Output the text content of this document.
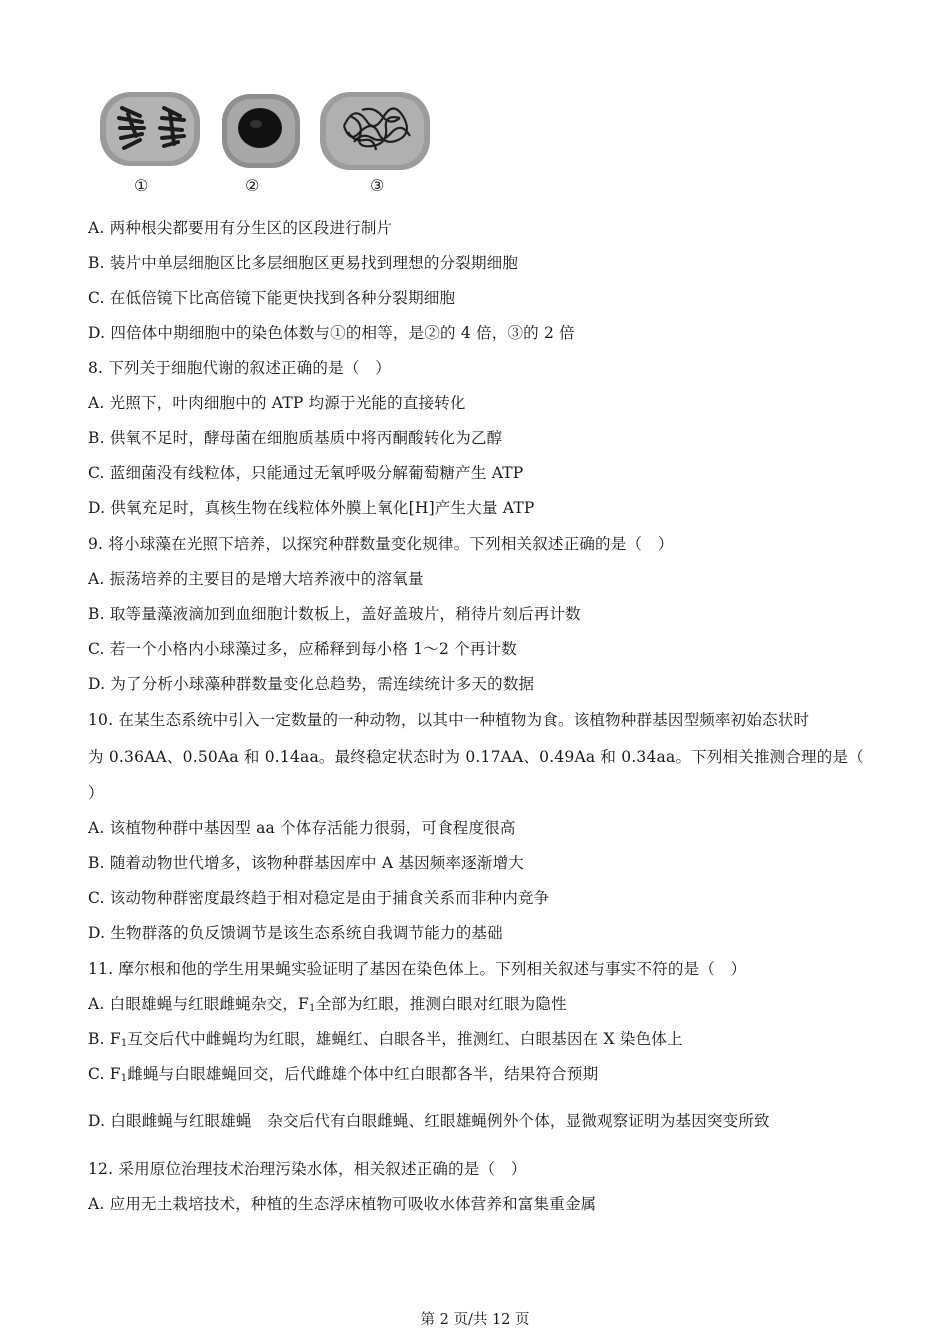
①	②	③
A. 两种根尖都要用有分生区的区段进行制片
B. 装片中单层细胞区比多层细胞区更易找到理想的分裂期细胞
C. 在低倍镜下比高倍镜下能更快找到各种分裂期细胞
D. 四倍体中期细胞中的染色体数与①的相等，是②的 4 倍，③的 2 倍
8. 下列关于细胞代谢的叙述正确的是（　）
A. 光照下，叶肉细胞中的 ATP 均源于光能的直接转化
B. 供氧不足时，酵母菌在细胞质基质中将丙酮酸转化为乙醇
C. 蓝细菌没有线粒体，只能通过无氧呼吸分解葡萄糖产生 ATP
D. 供氧充足时，真核生物在线粒体外膜上氧化[H]产生大量 ATP
9. 将小球藻在光照下培养，以探究种群数量变化规律。下列相关叙述正确的是（　）
A. 振荡培养的主要目的是增大培养液中的溶氧量
B. 取等量藻液滴加到血细胞计数板上，盖好盖玻片，稍待片刻后再计数
C. 若一个小格内小球藻过多，应稀释到每小格 1～2 个再计数
D. 为了分析小球藻种群数量变化总趋势，需连续统计多天的数据
10. 在某生态系统中引入一定数量的一种动物，以其中一种植物为食。该植物种群基因型频率初始态状时
为 0.36AA、0.50Aa 和 0.14aa。最终稳定状态时为 0.17AA、0.49Aa 和 0.34aa。下列相关推测合理的是（
）
A. 该植物种群中基因型 aa 个体存活能力很弱，可食程度很高
B. 随着动物世代增多，该物种群基因库中 A 基因频率逐渐增大
C. 该动物种群密度最终趋于相对稳定是由于捕食关系而非种内竞争
D. 生物群落的负反馈调节是该生态系统自我调节能力的基础
11. 摩尔根和他的学生用果蝇实验证明了基因在染色体上。下列相关叙述与事实不符的是（　）
A. 白眼雄蝇与红眼雌蝇杂交，$F_1$全部为红眼，推测白眼对红眼为隐性
B. $F_1$互交后代中雌蝇均为红眼，雄蝇红、白眼各半，推测红、白眼基因在 X 染色体上
C. $F_1$雌蝇与白眼雄蝇回交，后代雌雄个体中红白眼都各半，结果符合预期
D. 白眼雌蝇与红眼雄蝇　杂交后代有白眼雌蝇、红眼雄蝇例外个体，显微观察证明为基因突变所致
12. 采用原位治理技术治理污染水体，相关叙述正确的是（　）
A. 应用无土栽培技术，种植的生态浮床植物可吸收水体营养和富集重金属
第 2 页/共 12 页
